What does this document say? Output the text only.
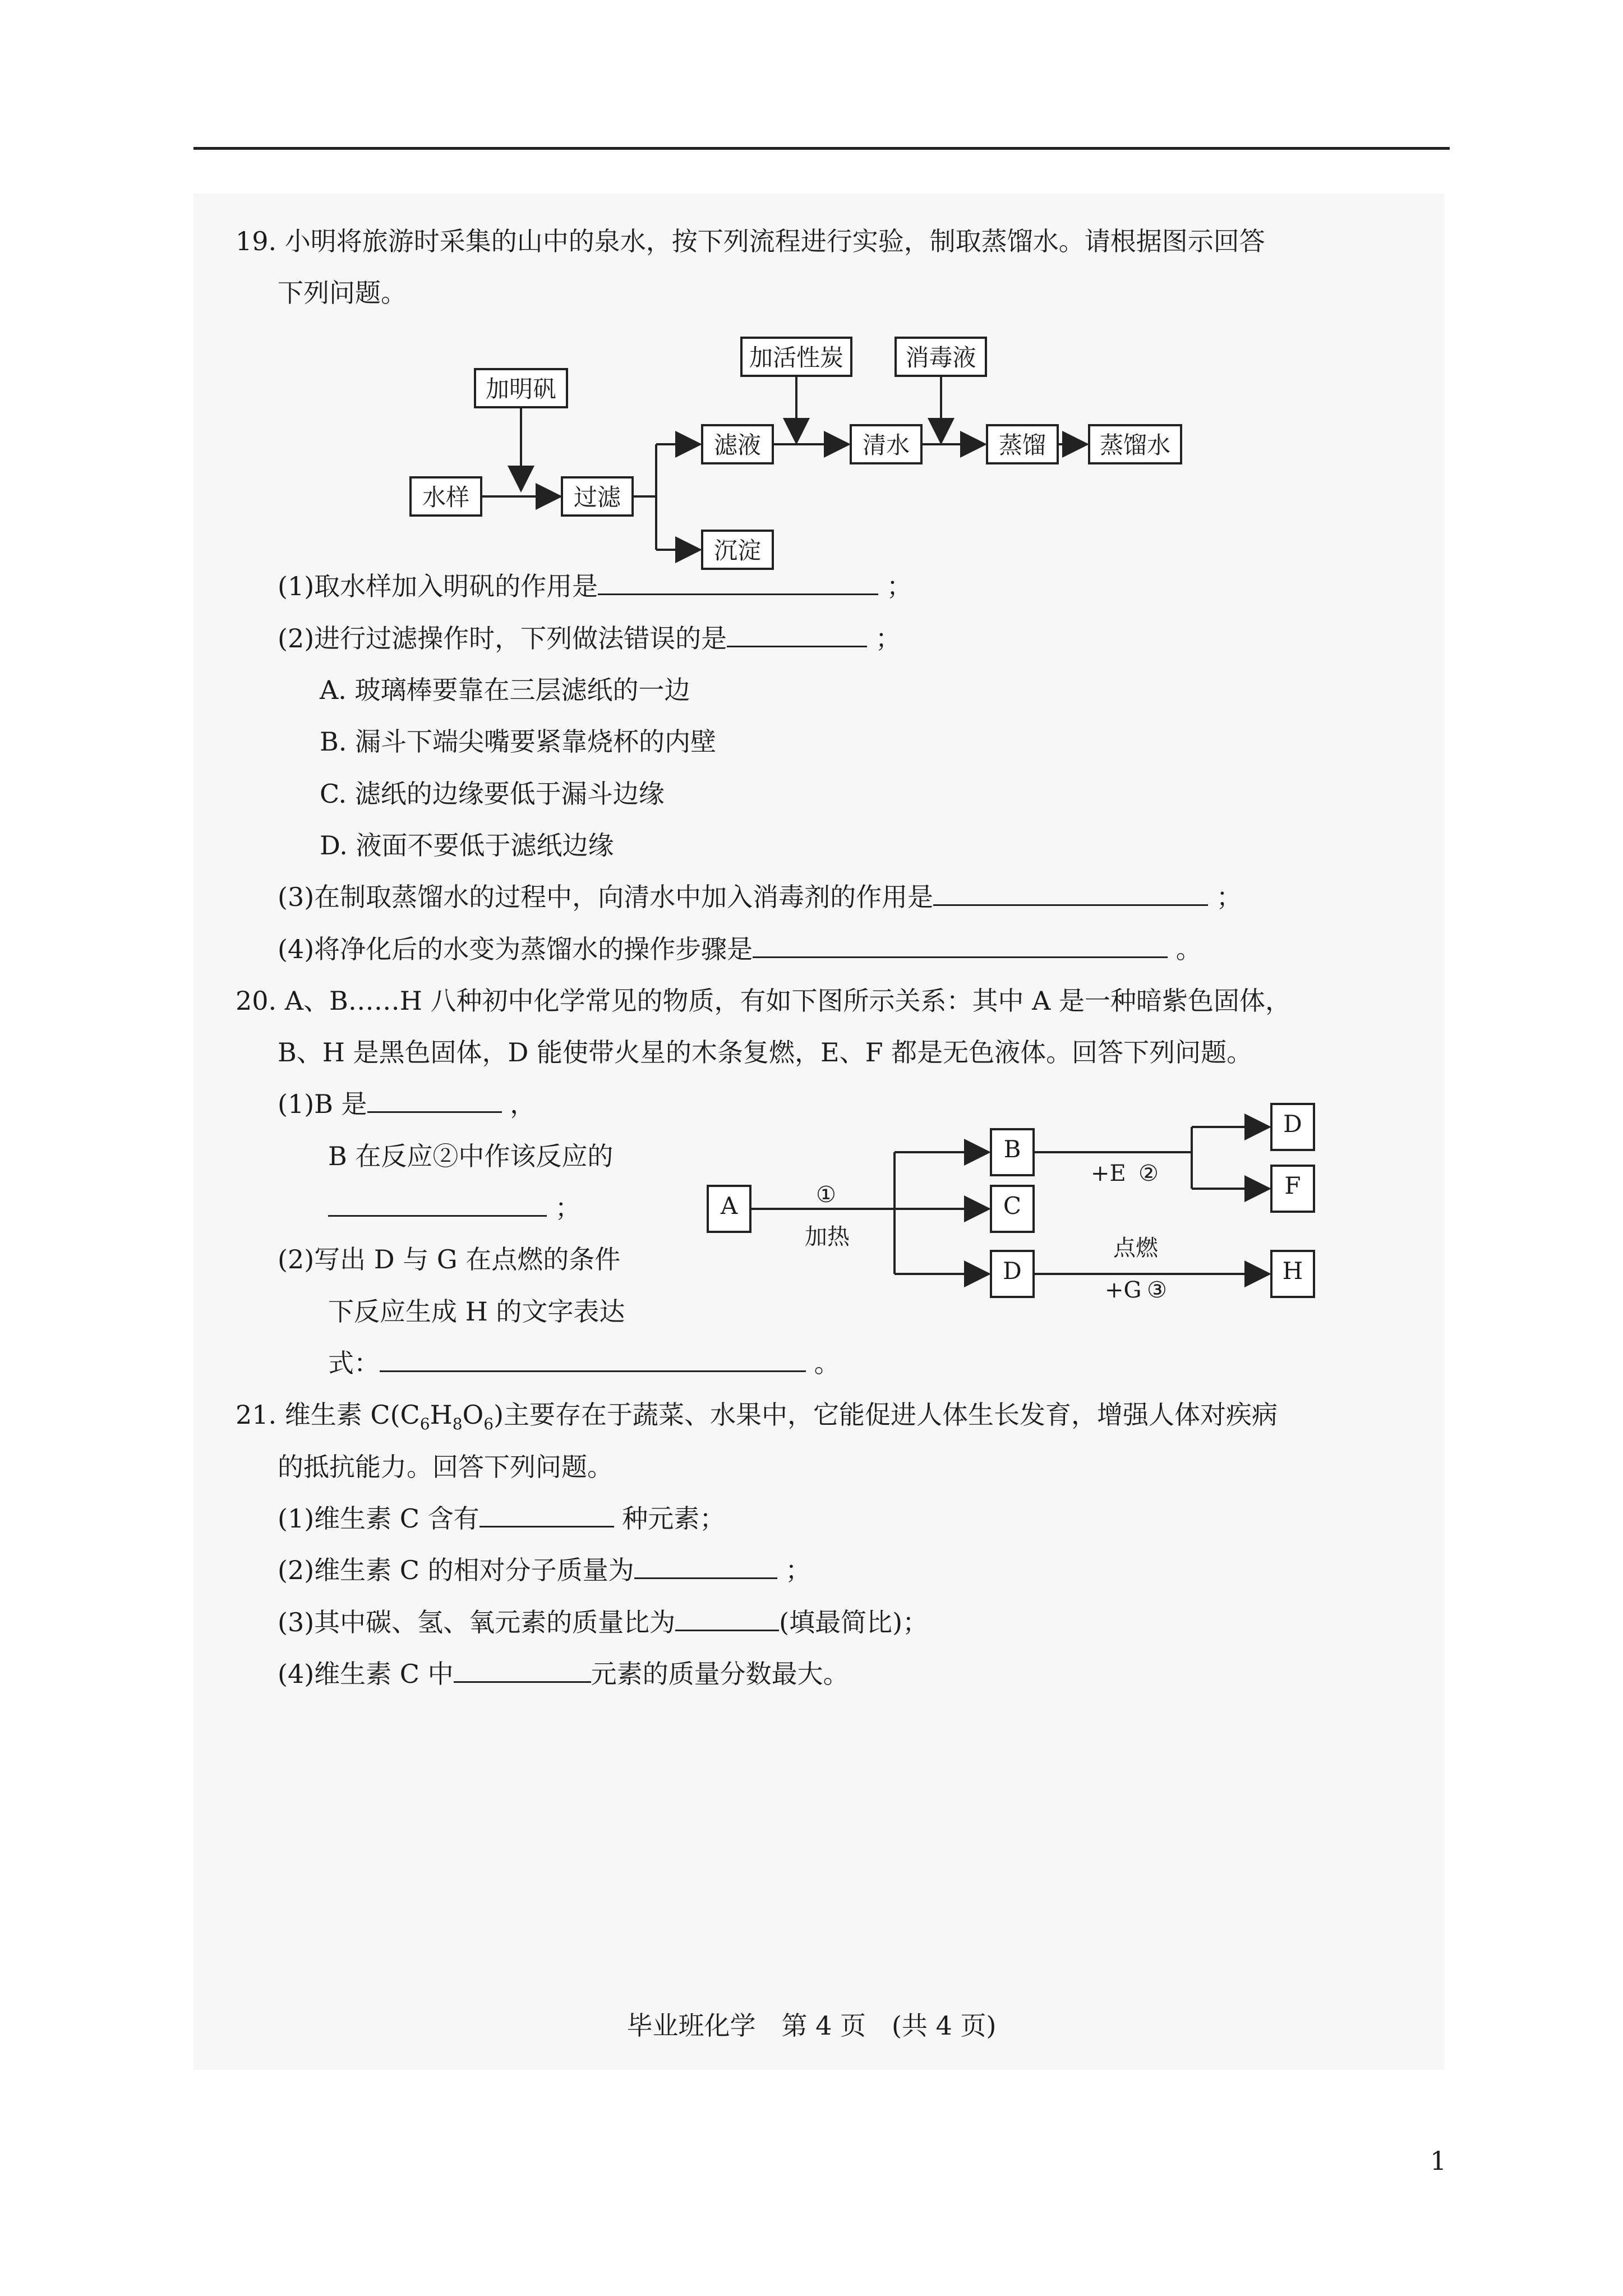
19. 小明将旅游时采集的山中的泉水，按下列流程进行实验，制取蒸馏水。请根据图示回答
下列问题。
加明矾
水样	过滤
滤液
沉淀
加活性炭	消毒液
清水	蒸馏	蒸馏水
(1)取水样加入明矾的作用是	；
(2)进行过滤操作时，下列做法错误的是	；
A. 玻璃棒要靠在三层滤纸的一边
B. 漏斗下端尖嘴要紧靠烧杯的内壁
C. 滤纸的边缘要低于漏斗边缘
D. 液面不要低于滤纸边缘
(3)在制取蒸馏水的过程中，向清水中加入消毒剂的作用是	；
(4)将净化后的水变为蒸馏水的操作步骤是	。
20. A、B……H 八种初中化学常见的物质，有如下图所示关系：其中 A 是一种暗紫色固体，
B、H 是黑色固体，D 能使带火星的木条复燃，E、F 都是无色液体。回答下列问题。
(1)B 是	，
B 在反应②中作该反应的
；
(2)写出 D 与 G 在点燃的条件
下反应生成 H 的文字表达
式：	。
A
B
C
D
D
F
H
①
加热
+E ②
点燃
+G ③
21. 维生素 $C(C_6H_8O_6)$主要存在于蔬菜、水果中，它能促进人体生长发育，增强人体对疾病
的抵抗能力。回答下列问题。
(1)维生素 C 含有	种元素；
(2)维生素 C 的相对分子质量为	；
(3)其中碳、氢、氧元素的质量比为	(填最简比)；
(4)维生素 C 中	元素的质量分数最大。
毕业班化学　第 4 页　(共 4 页)
1
